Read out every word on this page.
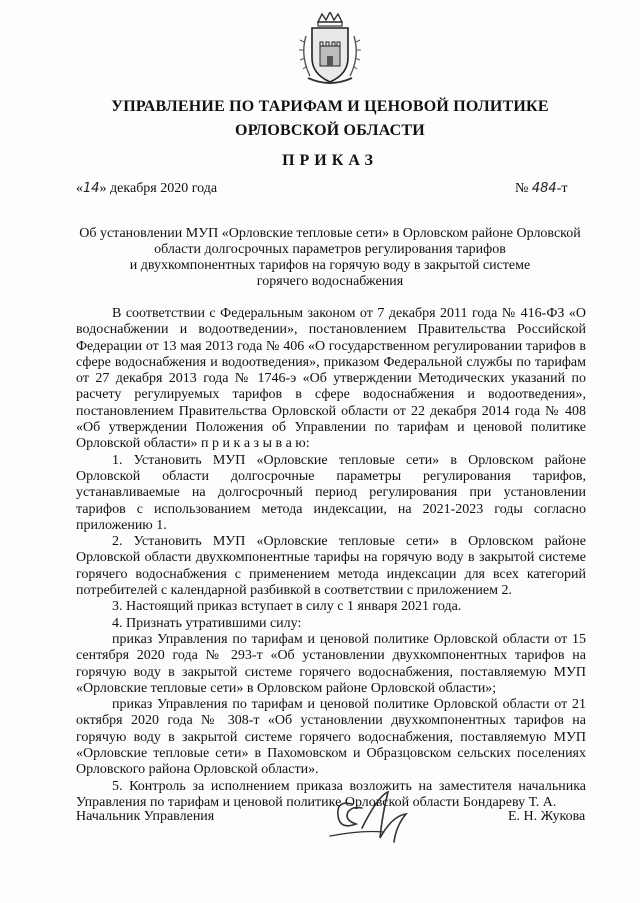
УПРАВЛЕНИЕ ПО ТАРИФАМ И ЦЕНОВОЙ ПОЛИТИКЕ
ОРЛОВСКОЙ ОБЛАСТИ
ПРИКАЗ
«14» декабря 2020 года	№ 484-т
Об установлении МУП «Орловские тепловые сети» в Орловском районе Орловской
области долгосрочных параметров регулирования тарифов
и двухкомпонентных тарифов на горячую воду в закрытой системе
горячего водоснабжения

В соответствии с Федеральным законом от 7 декабря 2011 года № 416-ФЗ «О водоснабжении и водоотведении», постановлением Правительства Российской Федерации от 13 мая 2013 года № 406 «О государственном регулировании тарифов в сфере водоснабжения и водоотведения», приказом Федеральной службы по тарифам от 27 декабря 2013 года № 1746-э «Об утверждении Методических указаний по расчету регулируемых тарифов в сфере водоснабжения и водоотведения», постановлением Правительства Орловской области от 22 декабря 2014 года № 408 «Об утверждении Положения об Управлении по тарифам и ценовой политике Орловской области» п р и к а з ы в а ю:

1. Установить МУП «Орловские тепловые сети» в Орловском районе Орловской области долгосрочные параметры регулирования тарифов, устанавливаемые на долгосрочный период регулирования при установлении тарифов с использованием метода индексации, на 2021-2023 годы согласно приложению 1.

2. Установить МУП «Орловские тепловые сети» в Орловском районе Орловской области двухкомпонентные тарифы на горячую воду в закрытой системе горячего водоснабжения с применением метода индексации для всех категорий потребителей с календарной разбивкой в соответствии с приложением 2.

3. Настоящий приказ вступает в силу с 1 января 2021 года.

4. Признать утратившими силу:

приказ Управления по тарифам и ценовой политике Орловской области от 15 сентября 2020 года № 293-т «Об установлении двухкомпонентных тарифов на горячую воду в закрытой системе горячего водоснабжения, поставляемую МУП «Орловские тепловые сети» в Орловском районе Орловской области»;

приказ Управления по тарифам и ценовой политике Орловской области от 21 октября 2020 года № 308-т «Об установлении двухкомпонентных тарифов на горячую воду в закрытой системе горячего водоснабжения, поставляемую МУП «Орловские тепловые сети» в Пахомовском и Образцовском сельских поселениях Орловского района Орловской области».

5. Контроль за исполнением приказа возложить на заместителя начальника Управления по тарифам и ценовой политике Орловской области Бондареву Т. А.

Начальник Управления	Е. Н. Жукова
